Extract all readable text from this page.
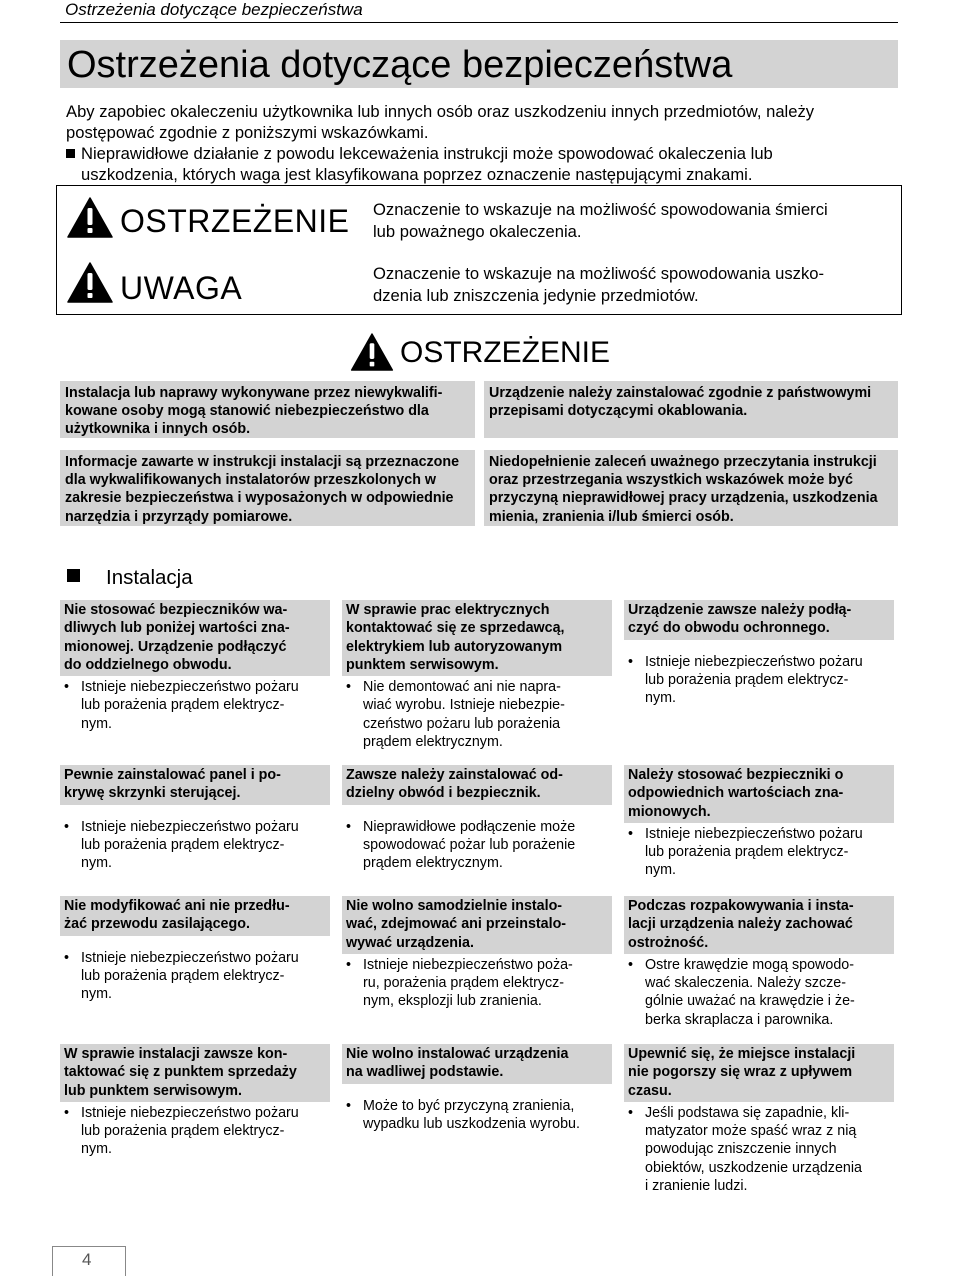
Ostrzeżenia dotyczące bezpieczeństwa
Ostrzeżenia dotyczące bezpieczeństwa
Aby zapobiec okaleczeniu użytkownika lub innych osób oraz uszkodzeniu innych przedmiotów, należy
postępować zgodnie z poniższymi wskazówkami.
Nieprawidłowe działanie z powodu lekceważenia instrukcji może spowodować okaleczenia lub
uszkodzenia, których waga jest klasyfikowana poprzez oznaczenie następującymi znakami.
OSTRZEŻENIE Oznaczenie to wskazuje na możliwość spowodowania śmierci
lub poważnego okaleczenia.
UWAGA	Oznaczenie to wskazuje na możliwość spowodowania uszko-
dzenia lub zniszczenia jedynie przedmiotów.
OSTRZEŻENIE
Instalacja lub naprawy wykonywane przez niewykwalifi-
kowane osoby mogą stanowić niebezpieczeństwo dla
użytkownika i innych osób.
Urządzenie należy zainstalować zgodnie z państwowymi
przepisami dotyczącymi okablowania.
Informacje zawarte w instrukcji instalacji są przeznaczone
dla wykwalifikowanych instalatorów przeszkolonych w
zakresie bezpieczeństwa i wyposażonych w odpowiednie
narzędzia i przyrządy pomiarowe.
Niedopełnienie zaleceń uważnego przeczytania instrukcji
oraz przestrzegania wszystkich wskazówek może być
przyczyną nieprawidłowej pracy urządzenia, uszkodzenia
mienia, zranienia i/lub śmierci osób.
Instalacja
Nie stosować bezpieczników wa-
dliwych lub poniżej wartości zna-
mionowej. Urządzenie podłączyć
do oddzielnego obwodu.
• Istnieje niebezpieczeństwo pożaru
lub porażenia prądem elektrycz-
nym.
W sprawie prac elektrycznych
kontaktować się ze sprzedawcą,
elektrykiem lub autoryzowanym
punktem serwisowym.
• Nie demontować ani nie napra-
wiać wyrobu. Istnieje niebezpie-
czeństwo pożaru lub porażenia
prądem elektrycznym.
Urządzenie zawsze należy podłą-
czyć do obwodu ochronnego.
• Istnieje niebezpieczeństwo pożaru
lub porażenia prądem elektrycz-
nym.
Pewnie zainstalować panel i po-
krywę skrzynki sterującej.
• Istnieje niebezpieczeństwo pożaru
lub porażenia prądem elektrycz-
nym.
Zawsze należy zainstalować od-
dzielny obwód i bezpiecznik.
• Nieprawidłowe podłączenie może
spowodować pożar lub porażenie
prądem elektrycznym.
Należy stosować bezpieczniki o
odpowiednich wartościach zna-
mionowych.
• Istnieje niebezpieczeństwo pożaru
lub porażenia prądem elektrycz-
nym.
Nie modyfikować ani nie przedłu-
żać przewodu zasilającego.
• Istnieje niebezpieczeństwo pożaru
lub porażenia prądem elektrycz-
nym.
Nie wolno samodzielnie instalo-
wać, zdejmować ani przeinstalo-
wywać urządzenia.
• Istnieje niebezpieczeństwo poża-
ru, porażenia prądem elektrycz-
nym, eksplozji lub zranienia.
Podczas rozpakowywania i insta-
lacji urządzenia należy zachować
ostrożność.
• Ostre krawędzie mogą spowodo-
wać skaleczenia. Należy szcze-
gólnie uważać na krawędzie i że-
berka skraplacza i parownika.
W sprawie instalacji zawsze kon-
taktować się z punktem sprzedaży
lub punktem serwisowym.
• Istnieje niebezpieczeństwo pożaru
lub porażenia prądem elektrycz-
nym.
Nie wolno instalować urządzenia
na wadliwej podstawie.
• Może to być przyczyną zranienia,
wypadku lub uszkodzenia wyrobu.
Upewnić się, że miejsce instalacji
nie pogorszy się wraz z upływem
czasu.
• Jeśli podstawa się zapadnie, kli-
matyzator może spaść wraz z nią
powodując zniszczenie innych
obiektów, uszkodzenie urządzenia
i zranienie ludzi.
4
